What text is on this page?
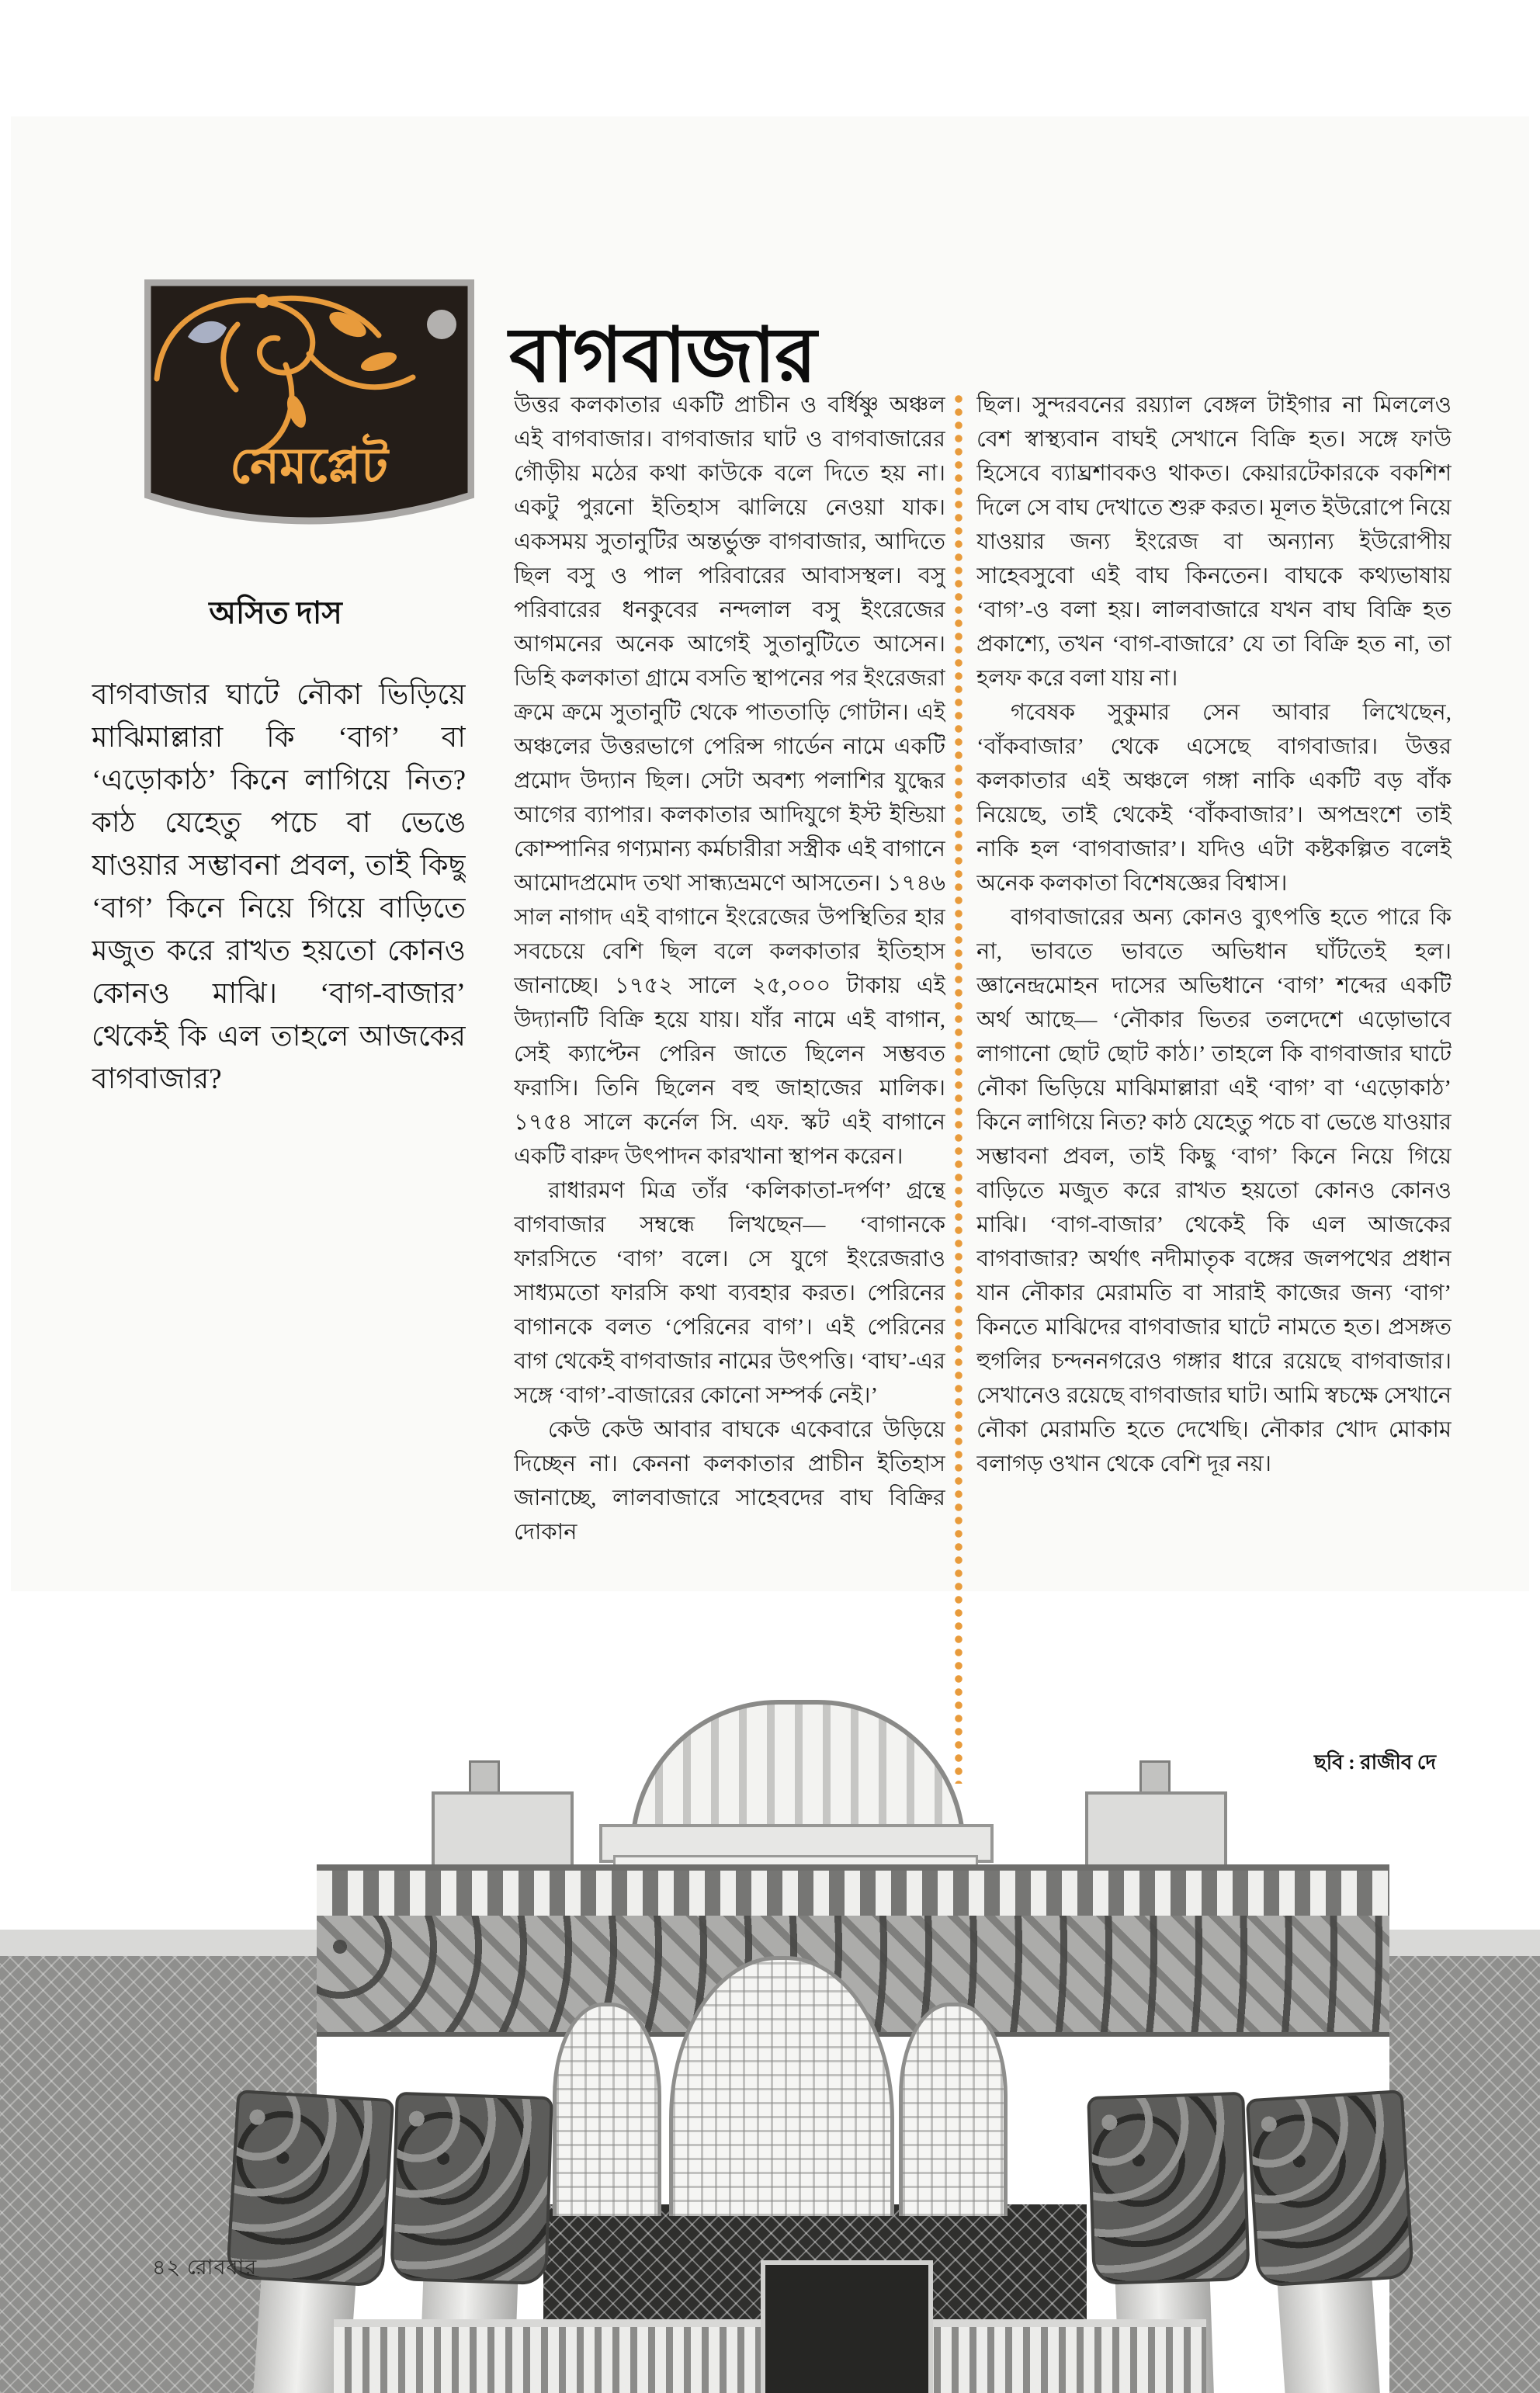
নেমপ্লেট
বাগবাজার
অসিত দাস
বাগবাজার ঘাটে নৌকা ভিড়িয়ে মাঝিমাল্লারা কি ‘বাগ’ বা ‘এড়োকাঠ’ কিনে লাগিয়ে নিত? কাঠ যেহেতু পচে বা ভেঙে যাওয়ার সম্ভাবনা প্রবল, তাই কিছু ‘বাগ’ কিনে নিয়ে গিয়ে বাড়িতে মজুত করে রাখত হয়তো কোনও কোনও মাঝি। ‘বাগ-বাজার’ থেকেই কি এল তাহলে আজকের বাগবাজার?

উত্তর কলকাতার একটি প্রাচীন ও বর্ধিষ্ণু অঞ্চল এই বাগবাজার। বাগবাজার ঘাট ও বাগবাজারের গৌড়ীয় মঠের কথা কাউকে বলে দিতে হয় না। একটু পুরনো ইতিহাস ঝালিয়ে নেওয়া যাক। একসময় সুতানুটির অন্তর্ভুক্ত বাগবাজার, আদিতে ছিল বসু ও পাল পরিবারের আবাসস্থল। বসু পরিবারের ধনকুবের নন্দলাল বসু ইংরেজের আগমনের অনেক আগেই সুতানুটিতে আসেন। ডিহি কলকাতা গ্রামে বসতি স্থাপনের পর ইংরেজরা ক্রমে ক্রমে সুতানুটি থেকে পাততাড়ি গোটান। এই অঞ্চলের উত্তরভাগে পেরিন্স গার্ডেন নামে একটি প্রমোদ উদ্যান ছিল। সেটা অবশ্য পলাশির যুদ্ধের আগের ব্যাপার। কলকাতার আদিযুগে ইস্ট ইন্ডিয়া কোম্পানির গণ্যমান্য কর্মচারীরা সস্ত্রীক এই বাগানে আমোদপ্রমোদ তথা সান্ধ্যভ্রমণে আসতেন। ১৭৪৬ সাল নাগাদ এই বাগানে ইংরেজের উপস্থিতির হার সবচেয়ে বেশি ছিল বলে কলকাতার ইতিহাস জানাচ্ছে। ১৭৫২ সালে ২৫,০০০ টাকায় এই উদ্যানটি বিক্রি হয়ে যায়। যাঁর নামে এই বাগান, সেই ক্যাপ্টেন পেরিন জাতে ছিলেন সম্ভবত ফরাসি। তিনি ছিলেন বহু জাহাজের মালিক। ১৭৫৪ সালে কর্নেল সি. এফ. স্কট এই বাগানে একটি বারুদ উৎপাদন কারখানা স্থাপন করেন।

রাধারমণ মিত্র তাঁর ‘কলিকাতা-দর্পণ’ গ্রন্থে বাগবাজার সম্বন্ধে লিখছেন— ‘বাগানকে ফারসিতে ‘বাগ’ বলে। সে যুগে ইংরেজরাও সাধ্যমতো ফারসি কথা ব্যবহার করত। পেরিনের বাগানকে বলত ‘পেরিনের বাগ’। এই পেরিনের বাগ থেকেই বাগবাজার নামের উৎপত্তি। ‘বাঘ’-এর সঙ্গে ‘বাগ’-বাজারের কোনো সম্পর্ক নেই।’

কেউ কেউ আবার বাঘকে একেবারে উড়িয়ে দিচ্ছেন না। কেননা কলকাতার প্রাচীন ইতিহাস জানাচ্ছে, লালবাজারে সাহেবদের বাঘ বিক্রির দোকান

ছিল। সুন্দরবনের রয়্যাল বেঙ্গল টাইগার না মিললেও বেশ স্বাস্থ্যবান বাঘই সেখানে বিক্রি হত। সঙ্গে ফাউ হিসেবে ব্যাঘ্রশাবকও থাকত। কেয়ারটেকারকে বকশিশ দিলে সে বাঘ দেখাতে শুরু করত। মূলত ইউরোপে নিয়ে যাওয়ার জন্য ইংরেজ বা অন্যান্য ইউরোপীয় সাহেবসুবো এই বাঘ কিনতেন। বাঘকে কথ্যভাষায় ‘বাগ’-ও বলা হয়। লালবাজারে যখন বাঘ বিক্রি হত প্রকাশ্যে, তখন ‘বাগ-বাজারে’ যে তা বিক্রি হত না, তা হলফ করে বলা যায় না।

গবেষক সুকুমার সেন আবার লিখেছেন, ‘বাঁকবাজার’ থেকে এসেছে বাগবাজার। উত্তর কলকাতার এই অঞ্চলে গঙ্গা নাকি একটি বড় বাঁক নিয়েছে, তাই থেকেই ‘বাঁকবাজার’। অপভ্রংশে তাই নাকি হল ‘বাগবাজার’। যদিও এটা কষ্টকল্পিত বলেই অনেক কলকাতা বিশেষজ্ঞের বিশ্বাস।

বাগবাজারের অন্য কোনও ব্যুৎপত্তি হতে পারে কি না, ভাবতে ভাবতে অভিধান ঘাঁটতেই হল। জ্ঞানেন্দ্রমোহন দাসের অভিধানে ‘বাগ’ শব্দের একটি অর্থ আছে— ‘নৌকার ভিতর তলদেশে এড়োভাবে লাগানো ছোট ছোট কাঠ।’ তাহলে কি বাগবাজার ঘাটে নৌকা ভিড়িয়ে মাঝিমাল্লারা এই ‘বাগ’ বা ‘এড়োকাঠ’ কিনে লাগিয়ে নিত? কাঠ যেহেতু পচে বা ভেঙে যাওয়ার সম্ভাবনা প্রবল, তাই কিছু ‘বাগ’ কিনে নিয়ে গিয়ে বাড়িতে মজুত করে রাখত হয়তো কোনও কোনও মাঝি। ‘বাগ-বাজার’ থেকেই কি এল আজকের বাগবাজার? অর্থাৎ নদীমাতৃক বঙ্গের জলপথের প্রধান যান নৌকার মেরামতি বা সারাই কাজের জন্য ‘বাগ’ কিনতে মাঝিদের বাগবাজার ঘাটে নামতে হত। প্রসঙ্গত হুগলির চন্দননগরেও গঙ্গার ধারে রয়েছে বাগবাজার। সেখানেও রয়েছে বাগবাজার ঘাট। আমি স্বচক্ষে সেখানে নৌকা মেরামতি হতে দেখেছি। নৌকার খোদ মোকাম বলাগড় ওখান থেকে বেশি দূর নয়।

ছবি : রাজীব দে
৪২ রোববার
